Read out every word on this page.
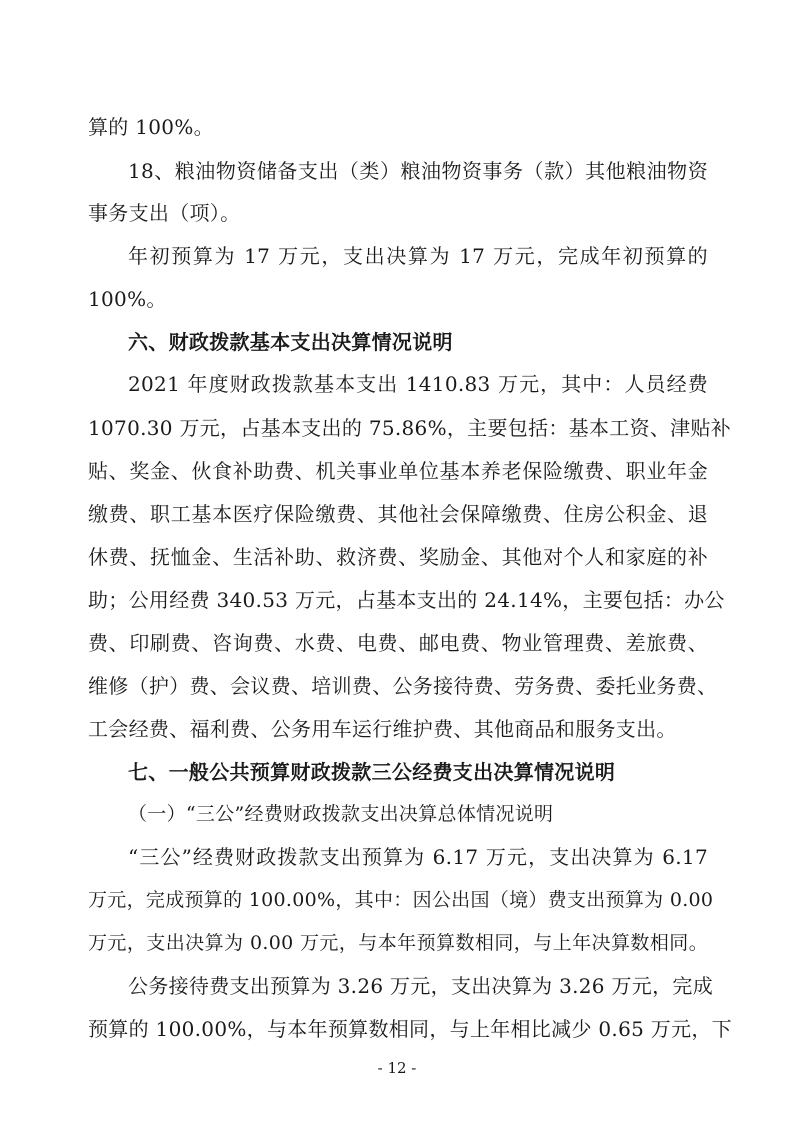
算的 100%。
18、粮油物资储备支出（类）粮油物资事务（款）其他粮油物资
事务支出（项）。
年初预算为 17 万元，支出决算为 17 万元，完成年初预算的
100%。
六、财政拨款基本支出决算情况说明
2021 年度财政拨款基本支出 1410.83 万元，其中：人员经费
1070.30 万元，占基本支出的 75.86%，主要包括：基本工资、津贴补
贴、奖金、伙食补助费、机关事业单位基本养老保险缴费、职业年金
缴费、职工基本医疗保险缴费、其他社会保障缴费、住房公积金、退
休费、抚恤金、生活补助、救济费、奖励金、其他对个人和家庭的补
助；公用经费 340.53 万元，占基本支出的 24.14%，主要包括：办公
费、印刷费、咨询费、水费、电费、邮电费、物业管理费、差旅费、
维修（护）费、会议费、培训费、公务接待费、劳务费、委托业务费、
工会经费、福利费、公务用车运行维护费、其他商品和服务支出。
七、一般公共预算财政拨款三公经费支出决算情况说明
（一）“三公”经费财政拨款支出决算总体情况说明
“三公”经费财政拨款支出预算为 6.17 万元，支出决算为 6.17
万元，完成预算的 100.00%，其中：因公出国（境）费支出预算为 0.00
万元，支出决算为 0.00 万元，与本年预算数相同，与上年决算数相同。
公务接待费支出预算为 3.26 万元，支出决算为 3.26 万元，完成
预算的 100.00%，与本年预算数相同，与上年相比减少 0.65 万元，下
- 12 -
